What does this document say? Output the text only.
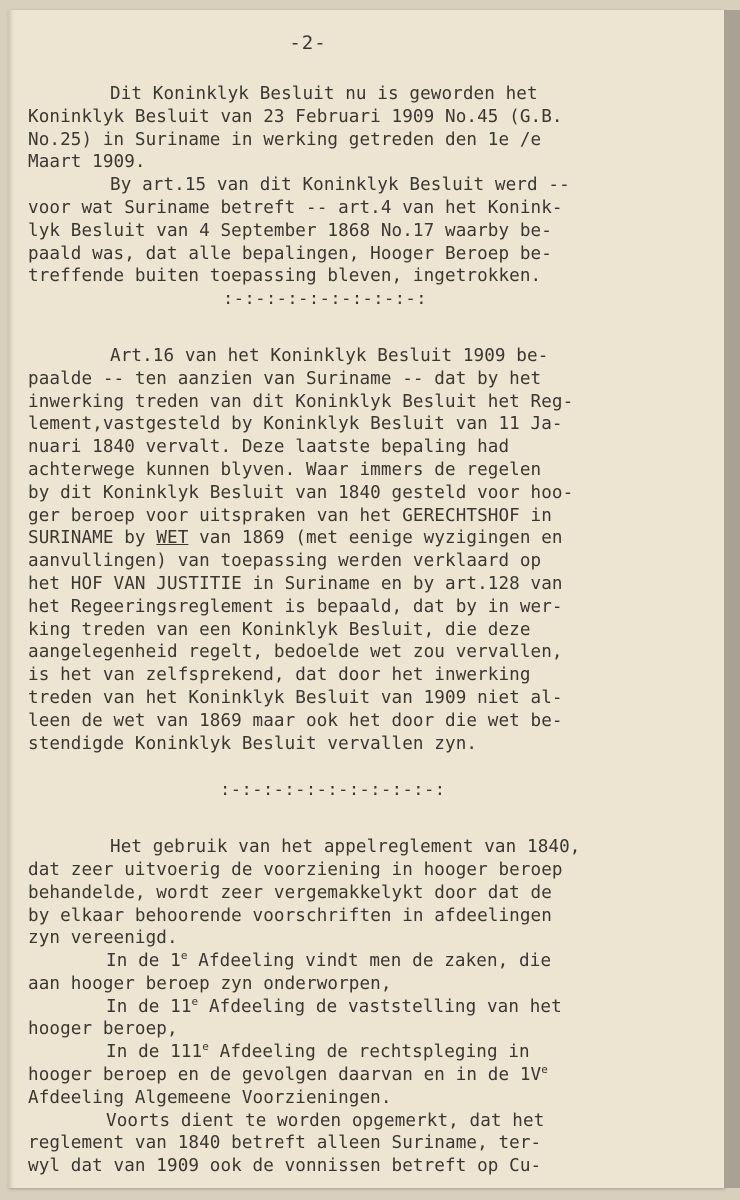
-2-
Dit Koninklyk Besluit nu is geworden het
Koninklyk Besluit van 23 Februari 1909 No.45 (G.B.
No.25) in Suriname in werking getreden den 1e /e
Maart 1909.
By art.15 van dit Koninklyk Besluit werd --
voor wat Suriname betreft -- art.4 van het Konink-
lyk Besluit van 4 September 1868 No.17 waarby be-
paald was, dat alle bepalingen, Hooger Beroep be-
treffende buiten toepassing bleven, ingetrokken.
:-:-:-:-:-:-:-:-:-:
Art.16 van het Koninklyk Besluit 1909 be-
paalde -- ten aanzien van Suriname -- dat by het
inwerking treden van dit Koninklyk Besluit het Reg-
lement,vastgesteld by Koninklyk Besluit van 11 Ja-
nuari 1840 vervalt. Deze laatste bepaling had
achterwege kunnen blyven. Waar immers de regelen
by dit Koninklyk Besluit van 1840 gesteld voor hoo-
ger beroep voor uitspraken van het GERECHTSHOF in
SURINAME by WET van 1869 (met eenige wyzigingen en
aanvullingen) van toepassing werden verklaard op
het HOF VAN JUSTITIE in Suriname en by art.128 van
het Regeeringsreglement is bepaald, dat by in wer-
king treden van een Koninklyk Besluit, die deze
aangelegenheid regelt, bedoelde wet zou vervallen,
is het van zelfsprekend, dat door het inwerking
treden van het Koninklyk Besluit van 1909 niet al-
leen de wet van 1869 maar ook het door die wet be-
stendigde Koninklyk Besluit vervallen zyn.
:-:-:-:-:-:-:-:-:-:-:
Het gebruik van het appelreglement van 1840,
dat zeer uitvoerig de voorziening in hooger beroep
behandelde, wordt zeer vergemakkelykt door dat de
by elkaar behoorende voorschriften in afdeelingen
zyn vereenigd.
In de 1e Afdeeling vindt men de zaken, die
aan hooger beroep zyn onderworpen,
In de 11e Afdeeling de vaststelling van het
hooger beroep,
In de 111e Afdeeling de rechtspleging in
hooger beroep en de gevolgen daarvan en in de 1Ve
Afdeeling Algemeene Voorzieningen.
Voorts dient te worden opgemerkt, dat het
reglement van 1840 betreft alleen Suriname, ter-
wyl dat van 1909 ook de vonnissen betreft op Cu-
